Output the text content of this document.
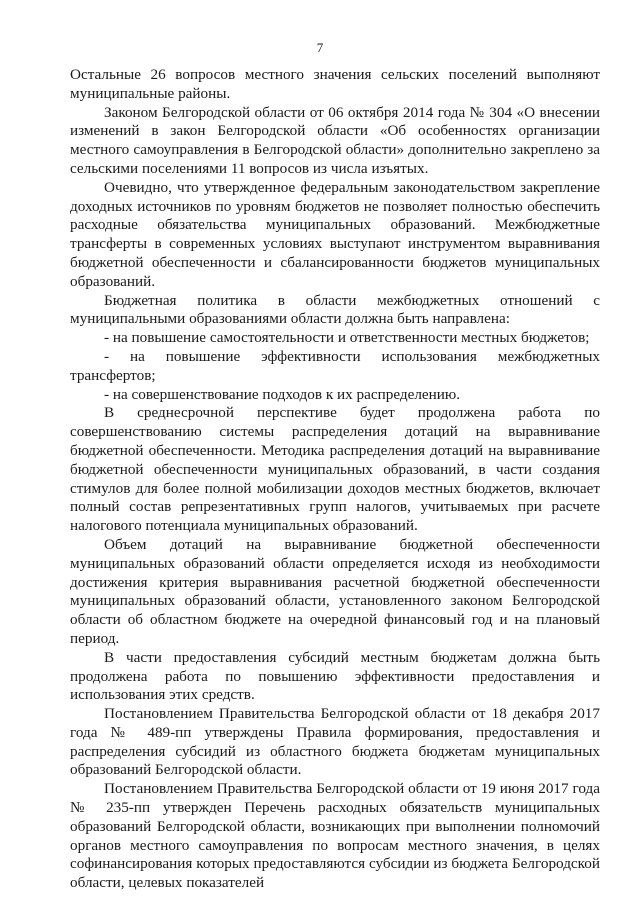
7

Остальные 26 вопросов местного значения сельских поселений выполняют муниципальные районы.

Законом Белгородской области от 06 октября 2014 года № 304 «О внесении изменений в закон Белгородской области «Об особенностях организации местного самоуправления в Белгородской области» дополнительно закреплено за сельскими поселениями 11 вопросов из числа изъятых.

Очевидно, что утвержденное федеральным законодательством закрепление доходных источников по уровням бюджетов не позволяет полностью обеспечить расходные обязательства муниципальных образований. Межбюджетные трансферты в современных условиях выступают инструментом выравнивания бюджетной обеспеченности и сбалансированности бюджетов муниципальных образований.

Бюджетная политика в области межбюджетных отношений с муниципальными образованиями области должна быть направлена:

- на повышение самостоятельности и ответственности местных бюджетов;

- на повышение эффективности использования межбюджетных трансфертов;

- на совершенствование подходов к их распределению.

В среднесрочной перспективе будет продолжена работа по совершенствованию системы распределения дотаций на выравнивание бюджетной обеспеченности. Методика распределения дотаций на выравнивание бюджетной обеспеченности муниципальных образований, в части создания стимулов для более полной мобилизации доходов местных бюджетов, включает полный состав репрезентативных групп налогов, учитываемых при расчете налогового потенциала муниципальных образований.

Объем дотаций на выравнивание бюджетной обеспеченности муниципальных образований области определяется исходя из необходимости достижения критерия выравнивания расчетной бюджетной обеспеченности муниципальных образований области, установленного законом Белгородской области об областном бюджете на очередной финансовый год и на плановый период.

В части предоставления субсидий местным бюджетам должна быть продолжена работа по повышению эффективности предоставления и использования этих средств.

Постановлением Правительства Белгородской области от 18 декабря 2017 года № 489-пп утверждены Правила формирования, предоставления и распределения субсидий из областного бюджета бюджетам муниципальных образований Белгородской области.

Постановлением Правительства Белгородской области от 19 июня 2017 года № 235-пп утвержден Перечень расходных обязательств муниципальных образований Белгородской области, возникающих при выполнении полномочий органов местного самоуправления по вопросам местного значения, в целях софинансирования которых предоставляются субсидии из бюджета Белгородской области, целевых показателей
